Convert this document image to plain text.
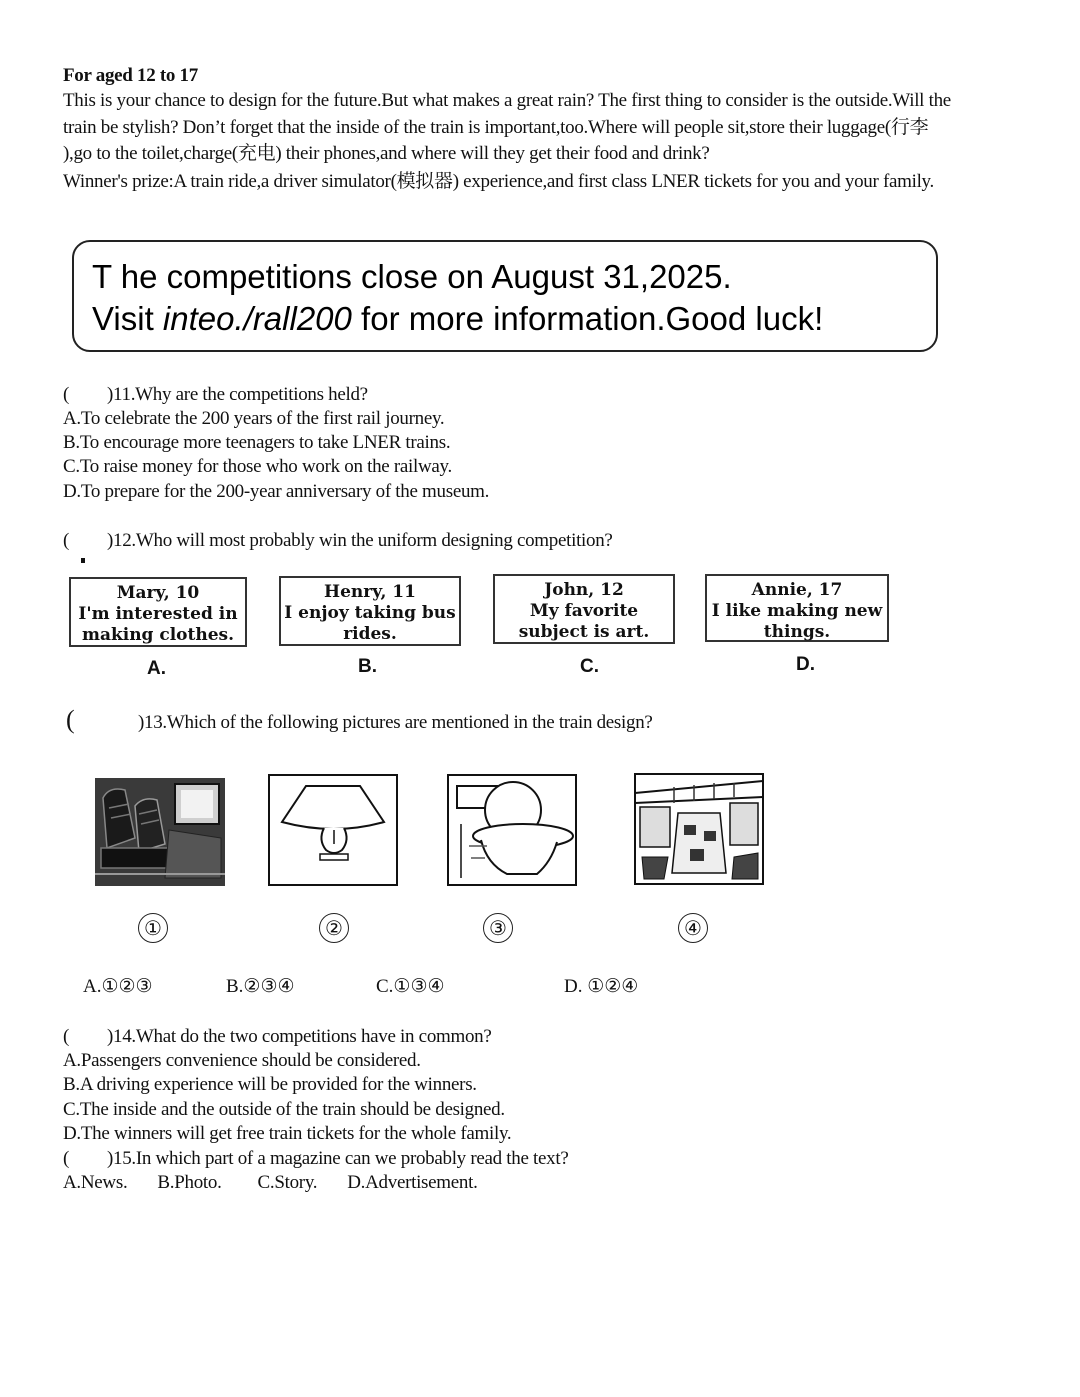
For aged 12 to 17
This is your chance to design for the future.But what makes a great rain? The first thing to consider is the outside.Will the
train be stylish? Don’t forget that the inside of the train is important,too.Where will people sit,store their luggage(行李
),go to the toilet,charge(充电) their phones,and where will they get their food and drink?
Winner's prize:A train ride,a driver simulator(模拟器) experience,and first class LNER tickets for you and your family.
T he competitions close on August 31,2025.
Visit inteo./rall200 for more information.Good luck!
( )11.Why are the competitions held?
A.To celebrate the 200 years of the first rail journey.
B.To encourage more teenagers to take LNER trains.
C.To raise money for those who work on the railway.
D.To prepare for the 200-year anniversary of the museum.
( )12.Who will most probably win the uniform designing competition?
Mary, 10
I'm interested in
making clothes.
Henry, 11
I enjoy taking bus
rides.
John, 12
My favorite
subject is art.
Annie, 17
I like making new
things.
A.	B.	C.	D.
(	)13.Which of the following pictures are mentioned in the train design?
①	②	③	④
A.①②③	B.②③④	C.①③④	D. ①②④
( )14.What do the two competitions have in common?
A.Passengers convenience should be considered.
B.A driving experience will be provided for the winners.
C.The inside and the outside of the train should be designed.
D.The winners will get free train tickets for the whole family.
( )15.In which part of a magazine can we probably read the text?
A.News. B.Photo. C.Story. D.Advertisement.
